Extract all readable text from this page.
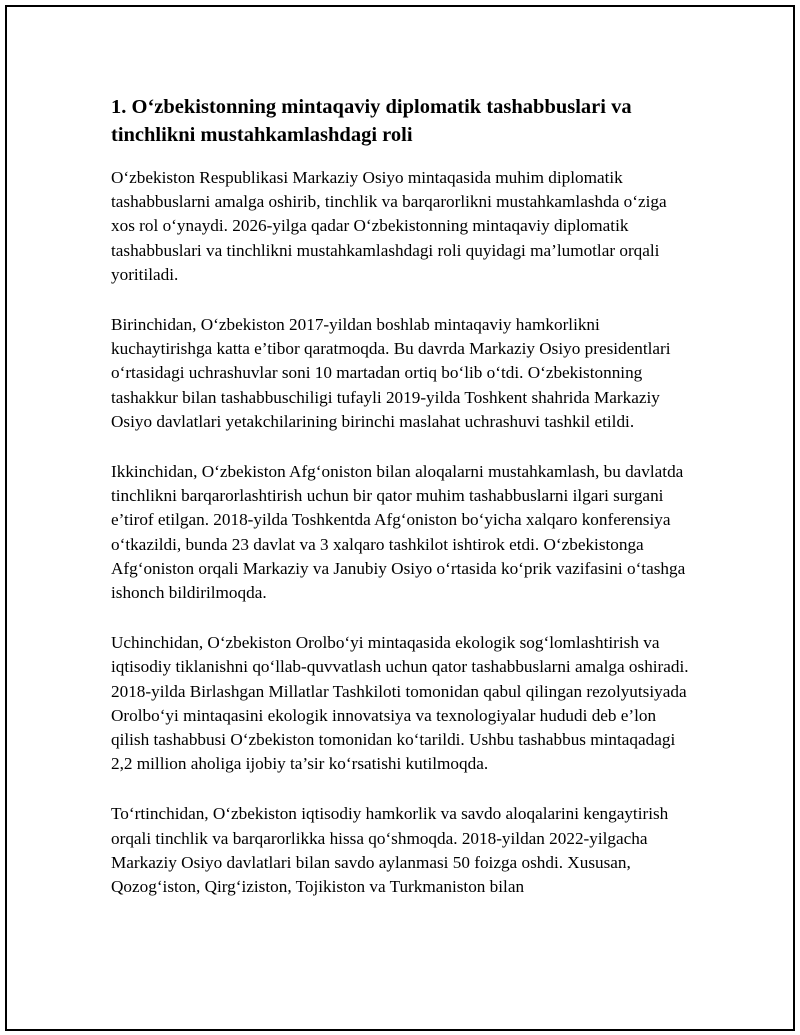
1. O‘zbekistonning mintaqaviy diplomatik tashabbuslari va tinchlikni mustahkamlashdagi roli

O‘zbekiston Respublikasi Markaziy Osiyo mintaqasida muhim diplomatik tashabbuslarni amalga oshirib, tinchlik va barqarorlikni mustahkamlashda o‘ziga xos rol o‘ynaydi. 2026-yilga qadar O‘zbekistonning mintaqaviy diplomatik tashabbuslari va tinchlikni mustahkamlashdagi roli quyidagi ma’lumotlar orqali yoritiladi.

Birinchidan, O‘zbekiston 2017-yildan boshlab mintaqaviy hamkorlikni kuchaytirishga katta e’tibor qaratmoqda. Bu davrda Markaziy Osiyo presidentlari o‘rtasidagi uchrashuvlar soni 10 martadan ortiq bo‘lib o‘tdi. O‘zbekistonning tashakkur bilan tashabbuschiligi tufayli 2019-yilda Toshkent shahrida Markaziy Osiyo davlatlari yetakchilarining birinchi maslahat uchrashuvi tashkil etildi.

Ikkinchidan, O‘zbekiston Afg‘oniston bilan aloqalarni mustahkamlash, bu davlatda tinchlikni barqarorlashtirish uchun bir qator muhim tashabbuslarni ilgari surgani e’tirof etilgan. 2018-yilda Toshkentda Afg‘oniston bo‘yicha xalqaro konferensiya o‘tkazildi, bunda 23 davlat va 3 xalqaro tashkilot ishtirok etdi. O‘zbekistonga Afg‘oniston orqali Markaziy va Janubiy Osiyo o‘rtasida ko‘prik vazifasini o‘tashga ishonch bildirilmoqda.

Uchinchidan, O‘zbekiston Orolbo‘yi mintaqasida ekologik sog‘lomlashtirish va iqtisodiy tiklanishni qo‘llab-quvvatlash uchun qator tashabbuslarni amalga oshiradi. 2018-yilda Birlashgan Millatlar Tashkiloti tomonidan qabul qilingan rezolyutsiyada Orolbo‘yi mintaqasini ekologik innovatsiya va texnologiyalar hududi deb e’lon qilish tashabbusi O‘zbekiston tomonidan ko‘tarildi. Ushbu tashabbus mintaqadagi 2,2 million aholiga ijobiy ta’sir ko‘rsatishi kutilmoqda.

To‘rtinchidan, O‘zbekiston iqtisodiy hamkorlik va savdo aloqalarini kengaytirish orqali tinchlik va barqarorlikka hissa qo‘shmoqda. 2018-yildan 2022-yilgacha Markaziy Osiyo davlatlari bilan savdo aylanmasi 50 foizga oshdi. Xususan, Qozog‘iston, Qirg‘iziston, Tojikiston va Turkmaniston bilan
